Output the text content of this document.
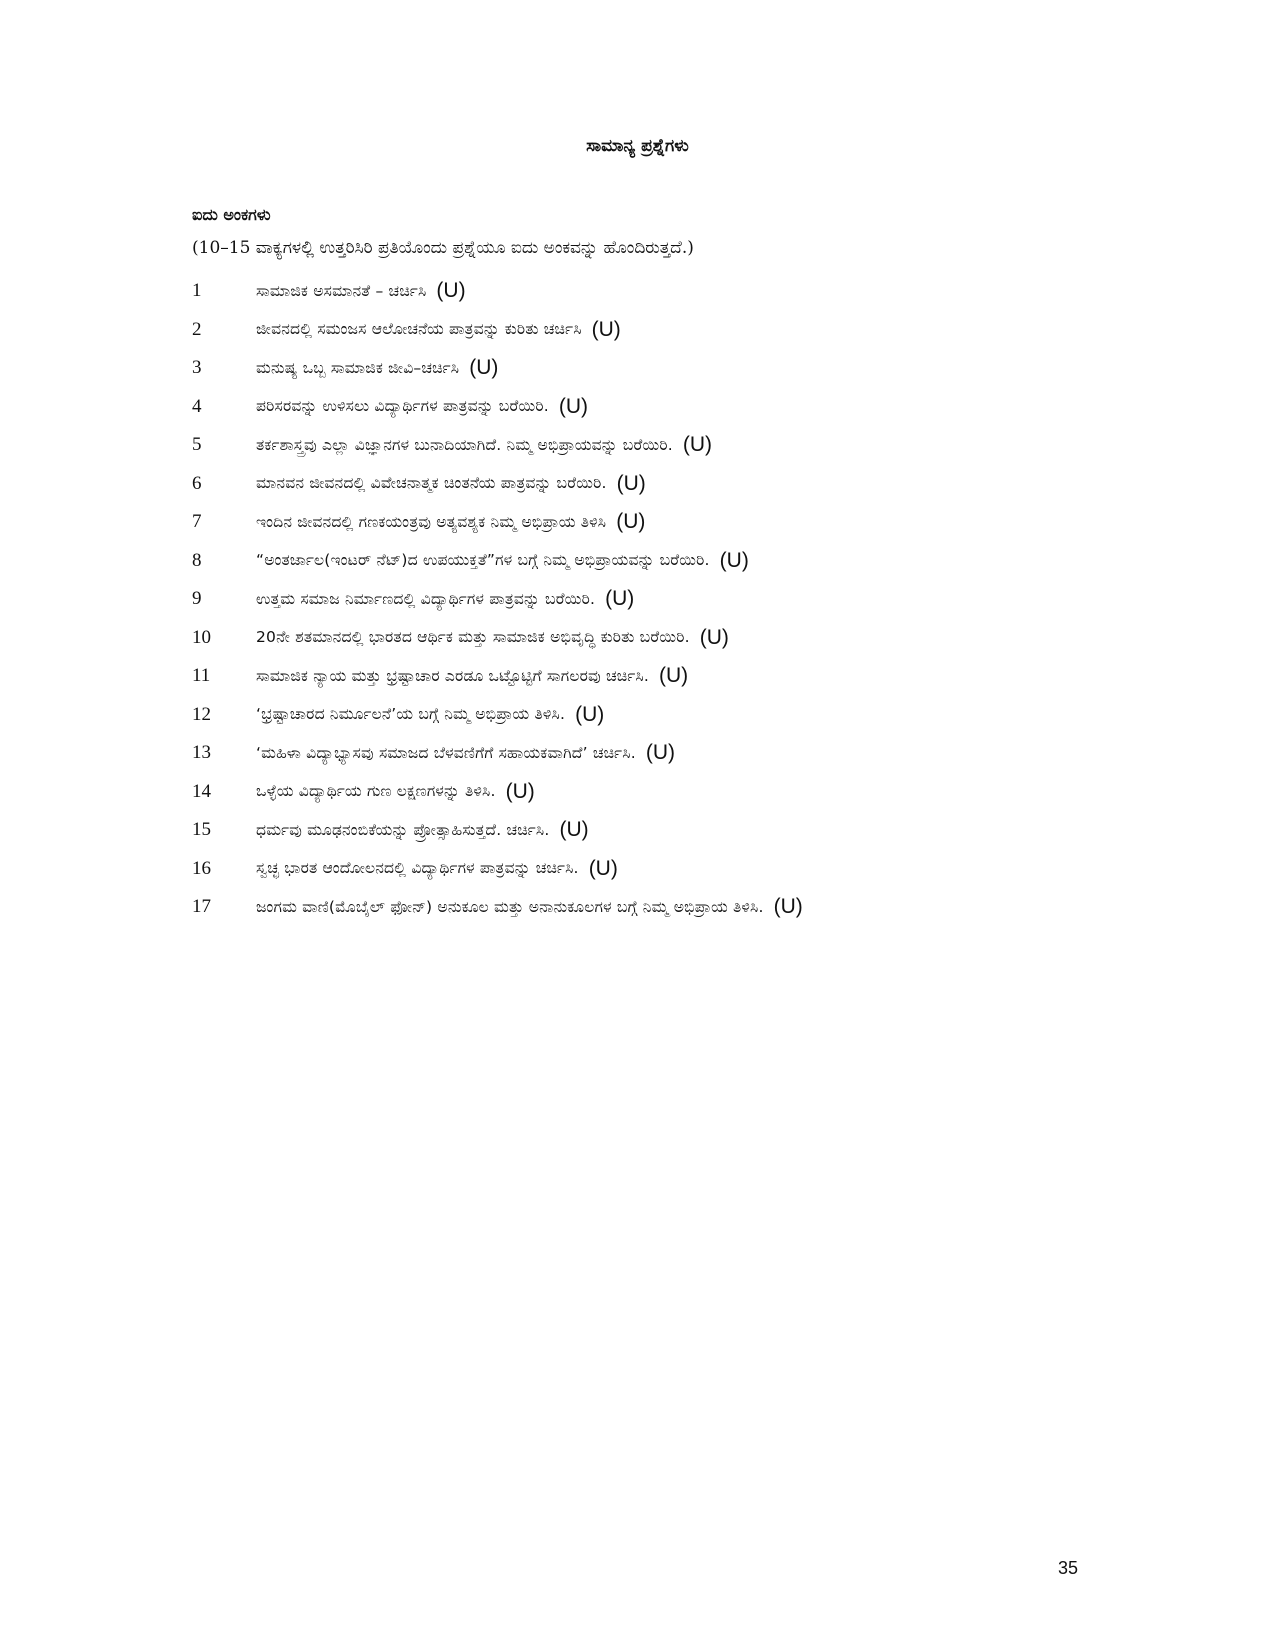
ಸಾಮಾನ್ಯ ಪ್ರಶ್ನೆಗಳು
ಐದು ಅಂಕಗಳು
(10–15 ವಾಕ್ಯಗಳಲ್ಲಿ ಉತ್ತರಿಸಿರಿ ಪ್ರತಿಯೊಂದು ಪ್ರಶ್ನೆಯೂ ಐದು ಅಂಕವನ್ನು ಹೊಂದಿರುತ್ತದೆ.)
1	ಸಾಮಾಜಿಕ ಅಸಮಾನತೆ – ಚರ್ಚಿಸಿ (U)
2	ಜೀವನದಲ್ಲಿ ಸಮಂಜಸ ಆಲೋಚನೆಯ ಪಾತ್ರವನ್ನು ಕುರಿತು ಚರ್ಚಿಸಿ (U)
3	ಮನುಷ್ಯ ಒಬ್ಬ ಸಾಮಾಜಿಕ ಜೀವಿ–ಚರ್ಚಿಸಿ (U)
4	ಪರಿಸರವನ್ನು ಉಳಿಸಲು ವಿದ್ಯಾರ್ಥಿಗಳ ಪಾತ್ರವನ್ನು ಬರೆಯಿರಿ. (U)
5	ತರ್ಕಶಾಸ್ತ್ರವು ಎಲ್ಲಾ ವಿಜ್ಞಾನಗಳ ಬುನಾದಿಯಾಗಿದೆ. ನಿಮ್ಮ ಅಭಿಪ್ರಾಯವನ್ನು ಬರೆಯಿರಿ. (U)
6	ಮಾನವನ ಜೀವನದಲ್ಲಿ ವಿವೇಚನಾತ್ಮಕ ಚಿಂತನೆಯ ಪಾತ್ರವನ್ನು ಬರೆಯಿರಿ. (U)
7	ಇಂದಿನ ಜೀವನದಲ್ಲಿ ಗಣಕಯಂತ್ರವು ಅತ್ಯವಶ್ಯಕ ನಿಮ್ಮ ಅಭಿಪ್ರಾಯ ತಿಳಿಸಿ (U)
8	“ಅಂತರ್ಜಾಲ(ಇಂಟರ್ ನೆಟ್)ದ ಉಪಯುಕ್ತತೆ”ಗಳ ಬಗ್ಗೆ ನಿಮ್ಮ ಅಭಿಪ್ರಾಯವನ್ನು ಬರೆಯಿರಿ. (U)
9	ಉತ್ತಮ ಸಮಾಜ ನಿರ್ಮಾಣದಲ್ಲಿ ವಿದ್ಯಾರ್ಥಿಗಳ ಪಾತ್ರವನ್ನು ಬರೆಯಿರಿ. (U)
10	20ನೇ ಶತಮಾನದಲ್ಲಿ ಭಾರತದ ಆರ್ಥಿಕ ಮತ್ತು ಸಾಮಾಜಿಕ ಅಭಿವೃದ್ಧಿ ಕುರಿತು ಬರೆಯಿರಿ. (U)
11	ಸಾಮಾಜಿಕ ನ್ಯಾಯ ಮತ್ತು ಭ್ರಷ್ಟಾಚಾರ ಎರಡೂ ಒಟ್ಟೊಟ್ಟಿಗೆ ಸಾಗಲರವು ಚರ್ಚಿಸಿ. (U)
12	‘ಭ್ರಷ್ಟಾಚಾರದ ನಿರ್ಮೂಲನೆ’ಯ ಬಗ್ಗೆ ನಿಮ್ಮ ಅಭಿಪ್ರಾಯ ತಿಳಿಸಿ. (U)
13	‘ಮಹಿಳಾ ವಿದ್ಯಾಭ್ಯಾಸವು ಸಮಾಜದ ಬೆಳವಣಿಗೆಗೆ ಸಹಾಯಕವಾಗಿದೆ’ ಚರ್ಚಿಸಿ. (U)
14	ಒಳ್ಳೆಯ ವಿದ್ಯಾರ್ಥಿಯ ಗುಣ ಲಕ್ಷಣಗಳನ್ನು ತಿಳಿಸಿ. (U)
15	ಧರ್ಮವು ಮೂಢನಂಬಿಕೆಯನ್ನು ಪ್ರೋತ್ಸಾಹಿಸುತ್ತದೆ. ಚರ್ಚಿಸಿ. (U)
16	ಸ್ವಚ್ಛ ಭಾರತ ಆಂದೋಲನದಲ್ಲಿ ವಿದ್ಯಾರ್ಥಿಗಳ ಪಾತ್ರವನ್ನು ಚರ್ಚಿಸಿ. (U)
17	ಜಂಗಮ ವಾಣಿ(ಮೊಬೈಲ್ ಫೋನ್) ಅನುಕೂಲ ಮತ್ತು ಅನಾನುಕೂಲಗಳ ಬಗ್ಗೆ ನಿಮ್ಮ ಅಭಿಪ್ರಾಯ ತಿಳಿಸಿ. (U)
35
